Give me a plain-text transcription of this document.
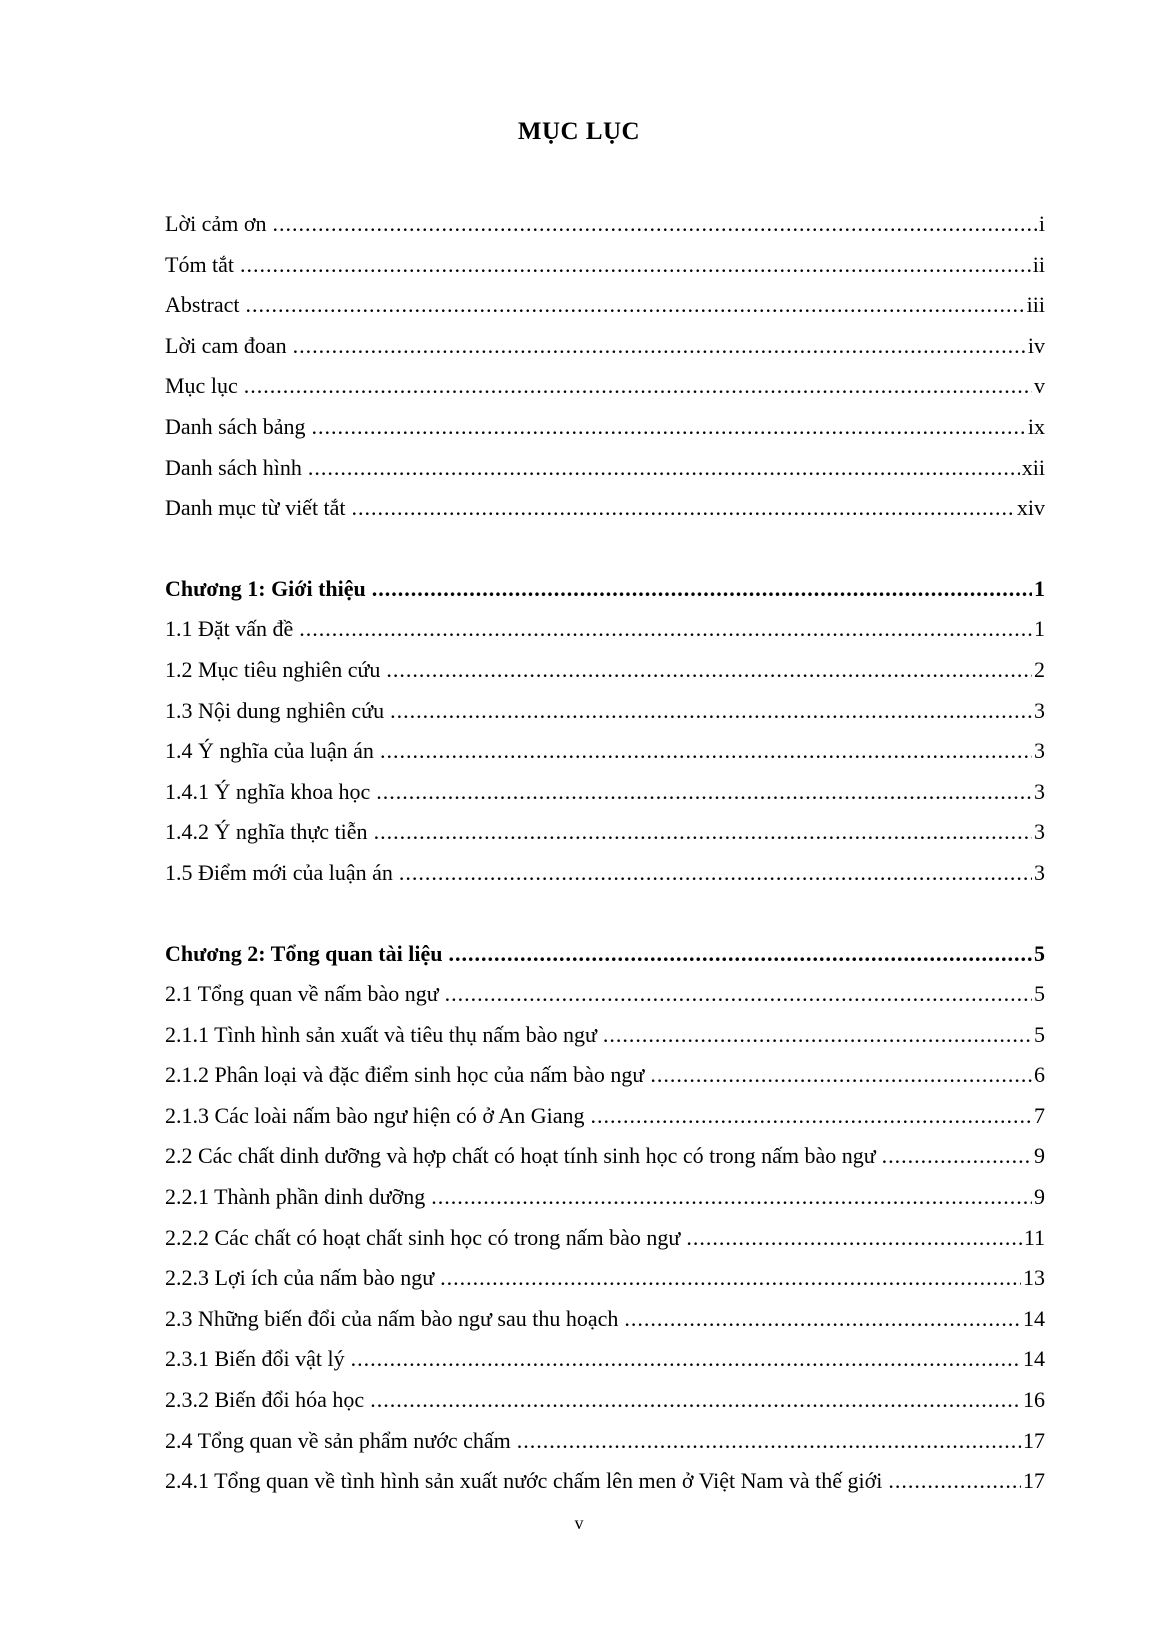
MỤC LỤC
Lời cảm ơn .....	i
Tóm tắt .....	ii
Abstract .....	iii
Lời cam đoan .....	iv
Mục lục .....	v
Danh sách bảng .....	ix
Danh sách hình .....	xii
Danh mục từ viết tắt .....	xiv
Chương 1: Giới thiệu .....	1
1.1 Đặt vấn đề .....	1
1.2 Mục tiêu nghiên cứu .....	2
1.3 Nội dung nghiên cứu .....	3
1.4 Ý nghĩa của luận án .....	3
1.4.1 Ý nghĩa khoa học .....	3
1.4.2 Ý nghĩa thực tiễn .....	3
1.5 Điểm mới của luận án .....	3
Chương 2: Tổng quan tài liệu .....	5
2.1 Tổng quan về nấm bào ngư .....	5
2.1.1 Tình hình sản xuất và tiêu thụ nấm bào ngư .....	5
2.1.2 Phân loại và đặc điểm sinh học của nấm bào ngư .....	6
2.1.3 Các loài nấm bào ngư hiện có ở An Giang .....	7
2.2 Các chất dinh dưỡng và hợp chất có hoạt tính sinh học có trong nấm bào ngư .....	9
2.2.1 Thành phần dinh dưỡng .....	9
2.2.2 Các chất có hoạt chất sinh học có trong nấm bào ngư .....	11
2.2.3 Lợi ích của nấm bào ngư .....	13
2.3 Những biến đổi của nấm bào ngư sau thu hoạch .....	14
2.3.1 Biến đổi vật lý .....	14
2.3.2 Biến đổi hóa học .....	16
2.4 Tổng quan về sản phẩm nước chấm .....	17
2.4.1 Tổng quan về tình hình sản xuất nước chấm lên men ở Việt Nam và thế giới .....	17
v
